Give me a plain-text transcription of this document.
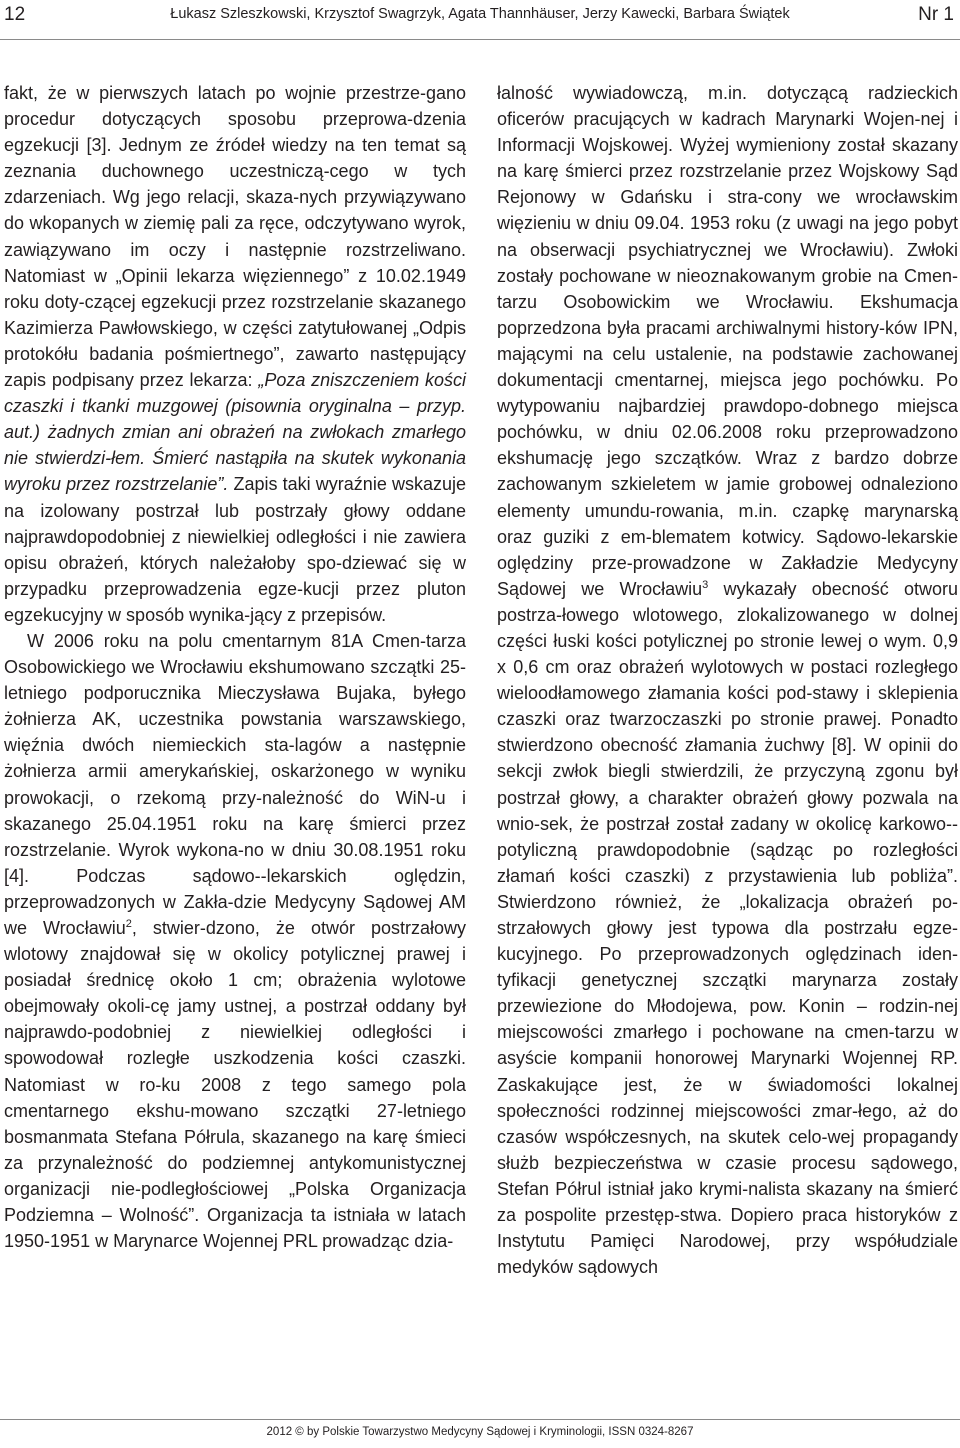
12	Łukasz Szleszkowski, Krzysztof Swagrzyk, Agata Thannhäuser, Jerzy Kawecki, Barbara Świątek	Nr 1

fakt, że w pierwszych latach po wojnie przestrze-gano procedur dotyczących sposobu przeprowa-dzenia egzekucji [3]. Jednym ze źródeł wiedzy na ten temat są zeznania duchownego uczestniczą-cego w tych zdarzeniach. Wg jego relacji, skaza-nych przywiązywano do wkopanych w ziemię pali za ręce, odczytywano wyrok, zawiązywano im oczy i następnie rozstrzeliwano. Natomiast w „Opinii lekarza więziennego” z 10.02.1949 roku doty-czącej egzekucji przez rozstrzelanie skazanego Kazimierza Pawłowskiego, w części zatytułowanej „Odpis protokółu badania pośmiertnego”, zawarto następujący zapis podpisany przez lekarza: „Poza zniszczeniem kości czaszki i tkanki muzgowej (pisownia oryginalna – przyp. aut.) żadnych zmian ani obrażeń na zwłokach zmarłego nie stwierdzi-łem. Śmierć nastąpiła na skutek wykonania wyroku przez rozstrzelanie”. Zapis taki wyraźnie wskazuje na izolowany postrzał lub postrzały głowy oddane najprawdopodobniej z niewielkiej odległości i nie zawiera opisu obrażeń, których należałoby spo-dziewać się w przypadku przeprowadzenia egze-kucji przez pluton egzekucyjny w sposób wynika-jący z przepisów.

W 2006 roku na polu cmentarnym 81A Cmen-tarza Osobowickiego we Wrocławiu ekshumowano szczątki 25-letniego podporucznika Mieczysława Bujaka, byłego żołnierza AK, uczestnika powstania warszawskiego, więźnia dwóch niemieckich sta-lagów a następnie żołnierza armii amerykańskiej, oskarżonego w wyniku prowokacji, o rzekomą przy-należność do WiN-u i skazanego 25.04.1951 roku na karę śmierci przez rozstrzelanie. Wyrok wykona-no w dniu 30.08.1951 roku [4]. Podczas sądowo--lekarskich oględzin, przeprowadzonych w Zakła-dzie Medycyny Sądowej AM we Wrocławiu$^2$, stwier-dzono, że otwór postrzałowy wlotowy znajdował się w okolicy potylicznej prawej i posiadał średnicę około 1 cm; obrażenia wylotowe obejmowały okoli-cę jamy ustnej, a postrzał oddany był najprawdo-podobniej z niewielkiej odległości i spowodował rozległe uszkodzenia kości czaszki. Natomiast w ro-ku 2008 z tego samego pola cmentarnego ekshu-mowano szczątki 27-letniego bosmanmata Stefana Półrula, skazanego na karę śmieci za przynależność do podziemnej antykomunistycznej organizacji nie-podległościowej „Polska Organizacja Podziemna – Wolność”. Organizacja ta istniała w latach 1950-1951 w Marynarce Wojennej PRL prowadząc dzia-

łalność wywiadowczą, m.in. dotyczącą radzieckich oficerów pracujących w kadrach Marynarki Wojen-nej i Informacji Wojskowej. Wyżej wymieniony został skazany na karę śmierci przez rozstrzelanie przez Wojskowy Sąd Rejonowy w Gdańsku i stra-cony we wrocławskim więzieniu w dniu 09.04. 1953 roku (z uwagi na jego pobyt na obserwacji psychiatrycznej we Wrocławiu). Zwłoki zostały pochowane w nieoznakowanym grobie na Cmen-tarzu Osobowickim we Wrocławiu. Ekshumacja poprzedzona była pracami archiwalnymi history-ków IPN, mającymi na celu ustalenie, na podstawie zachowanej dokumentacji cmentarnej, miejsca jego pochówku. Po wytypowaniu najbardziej prawdopo-dobnego miejsca pochówku, w dniu 02.06.2008 roku przeprowadzono ekshumację jego szczątków. Wraz z bardzo dobrze zachowanym szkieletem w jamie grobowej odnaleziono elementy umundu-rowania, m.in. czapkę marynarską oraz guziki z em-blematem kotwicy. Sądowo-lekarskie oględziny prze-prowadzone w Zakładzie Medycyny Sądowej we Wrocławiu$^3$ wykazały obecność otworu postrza-łowego wlotowego, zlokalizowanego w dolnej części łuski kości potylicznej po stronie lewej o wym. 0,9 x 0,6 cm oraz obrażeń wylotowych w postaci rozległego wieloodłamowego złamania kości pod-stawy i sklepienia czaszki oraz twarzoczaszki po stronie prawej. Ponadto stwierdzono obecność złamania żuchwy [8]. W opinii do sekcji zwłok biegli stwierdzili, że przyczyną zgonu był postrzał głowy, a charakter obrażeń głowy pozwala na wnio-sek, że postrzał został zadany w okolicę karkowo--potyliczną prawdopodobnie (sądząc po rozległości złamań kości czaszki) z przystawienia lub pobliża”. Stwierdzono również, że „lokalizacja obrażeń po-strzałowych głowy jest typowa dla postrzału egze-kucyjnego. Po przeprowadzonych oględzinach iden-tyfikacji genetycznej szczątki marynarza zostały przewiezione do Młodojewa, pow. Konin – rodzin-nej miejscowości zmarłego i pochowane na cmen-tarzu w asyście kompanii honorowej Marynarki Wojennej RP. Zaskakujące jest, że w świadomości lokalnej społeczności rodzinnej miejscowości zmar-łego, aż do czasów współczesnych, na skutek celo-wej propagandy służb bezpieczeństwa w czasie procesu sądowego, Stefan Półrul istniał jako krymi-nalista skazany na śmierć za pospolite przestęp-stwa. Dopiero praca historyków z Instytutu Pamięci Narodowej, przy współudziale medyków sądowych

2012 © by Polskie Towarzystwo Medycyny Sądowej i Kryminologii, ISSN 0324-8267
